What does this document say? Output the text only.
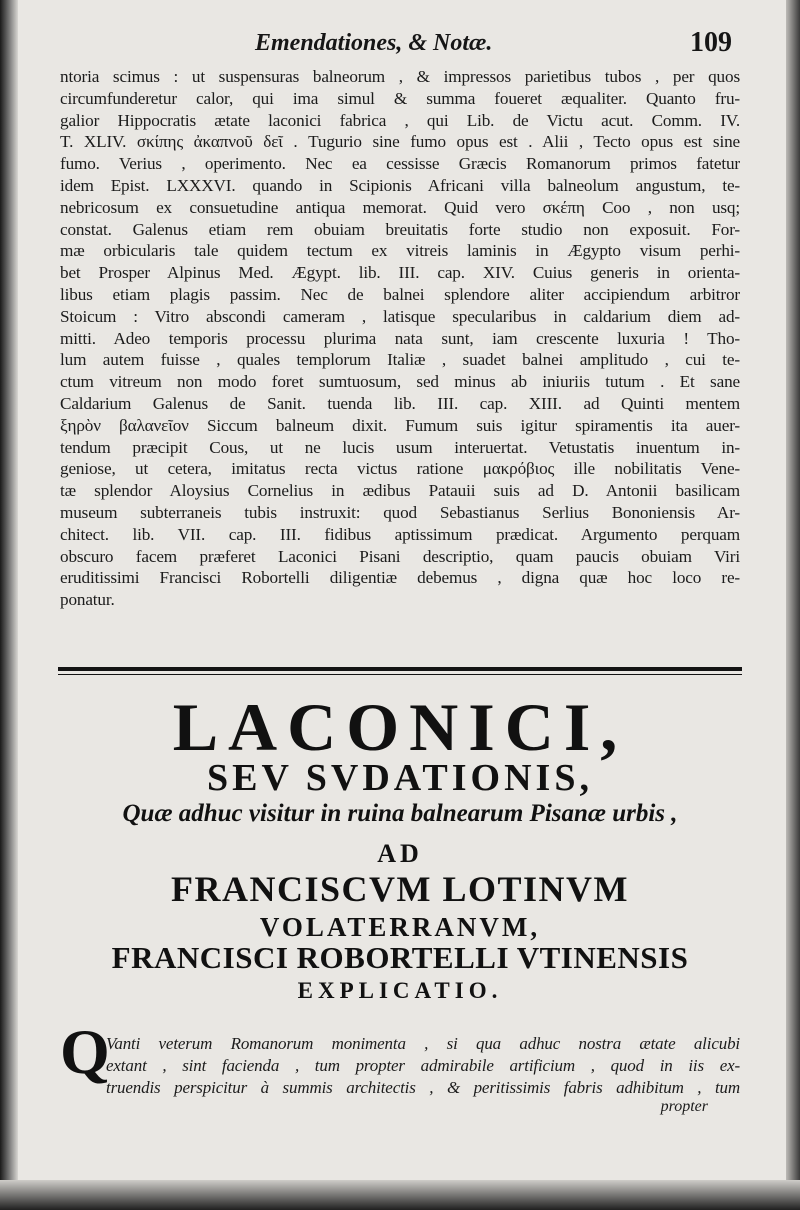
Emendationes, & Notæ.	109
ntoria scimus : ut suspensuras balneorum , & impressos parietibus tubos , per quos
circumfunderetur calor, qui ima simul & summa foueret æqualiter. Quanto fru-
galior Hippocratis ætate laconici fabrica , qui Lib. de Victu acut. Comm. IV.
T. XLIV. σκίπης ἀκαπνοῦ δεῖ . Tugurio sine fumo opus est . Alii , Tecto opus est sine
fumo. Verius , operimento. Nec ea cessisse Græcis Romanorum primos fatetur
idem Epist. LXXXVI. quando in Scipionis Africani villa balneolum angustum, te-
nebricosum ex consuetudine antiqua memorat. Quid vero σκέπη Coo , non usq;
constat. Galenus etiam rem obuiam breuitatis forte studio non exposuit. For-
mæ orbicularis tale quidem tectum ex vitreis laminis in Ægypto visum perhi-
bet Prosper Alpinus Med. Ægypt. lib. III. cap. XIV. Cuius generis in orienta-
libus etiam plagis passim. Nec de balnei splendore aliter accipiendum arbitror
Stoicum : Vitro abscondi cameram , latisque specularibus in caldarium diem ad-
mitti. Adeo temporis processu plurima nata sunt, iam crescente luxuria ! Tho-
lum autem fuisse , quales templorum Italiæ , suadet balnei amplitudo , cui te-
ctum vitreum non modo foret sumtuosum, sed minus ab iniuriis tutum . Et sane
Caldarium Galenus de Sanit. tuenda lib. III. cap. XIII. ad Quinti mentem
ξηρὸν βαλανεῖον Siccum balneum dixit. Fumum suis igitur spiramentis ita auer-
tendum præcipit Cous, ut ne lucis usum interuertat. Vetustatis inuentum in-
geniose, ut cetera, imitatus recta victus ratione μακρόβιος ille nobilitatis Vene-
tæ splendor Aloysius Cornelius in ædibus Patauii suis ad D. Antonii basilicam
museum subterraneis tubis instruxit: quod Sebastianus Serlius Bononiensis Ar-
chitect. lib. VII. cap. III. fidibus aptissimum prædicat. Argumento perquam
obscuro facem præferet Laconici Pisani descriptio, quam paucis obuiam Viri
eruditissimi Francisci Robortelli diligentiæ debemus , digna quæ hoc loco re-
ponatur.
LACONICI,
SEV SVDATIONIS,
Quæ adhuc visitur in ruina balnearum Pisanæ urbis ,
AD
FRANCISCVM LOTINVM
VOLATERRANVM,
FRANCISCI ROBORTELLI VTINENSIS
EXPLICATIO.
Q
Vanti veterum Romanorum monimenta , si qua adhuc nostra ætate alicubi
extant , sint facienda , tum propter admirabile artificium , quod in iis ex-
truendis perspicitur à summis architectis , & peritissimis fabris adhibitum , tum
propter
